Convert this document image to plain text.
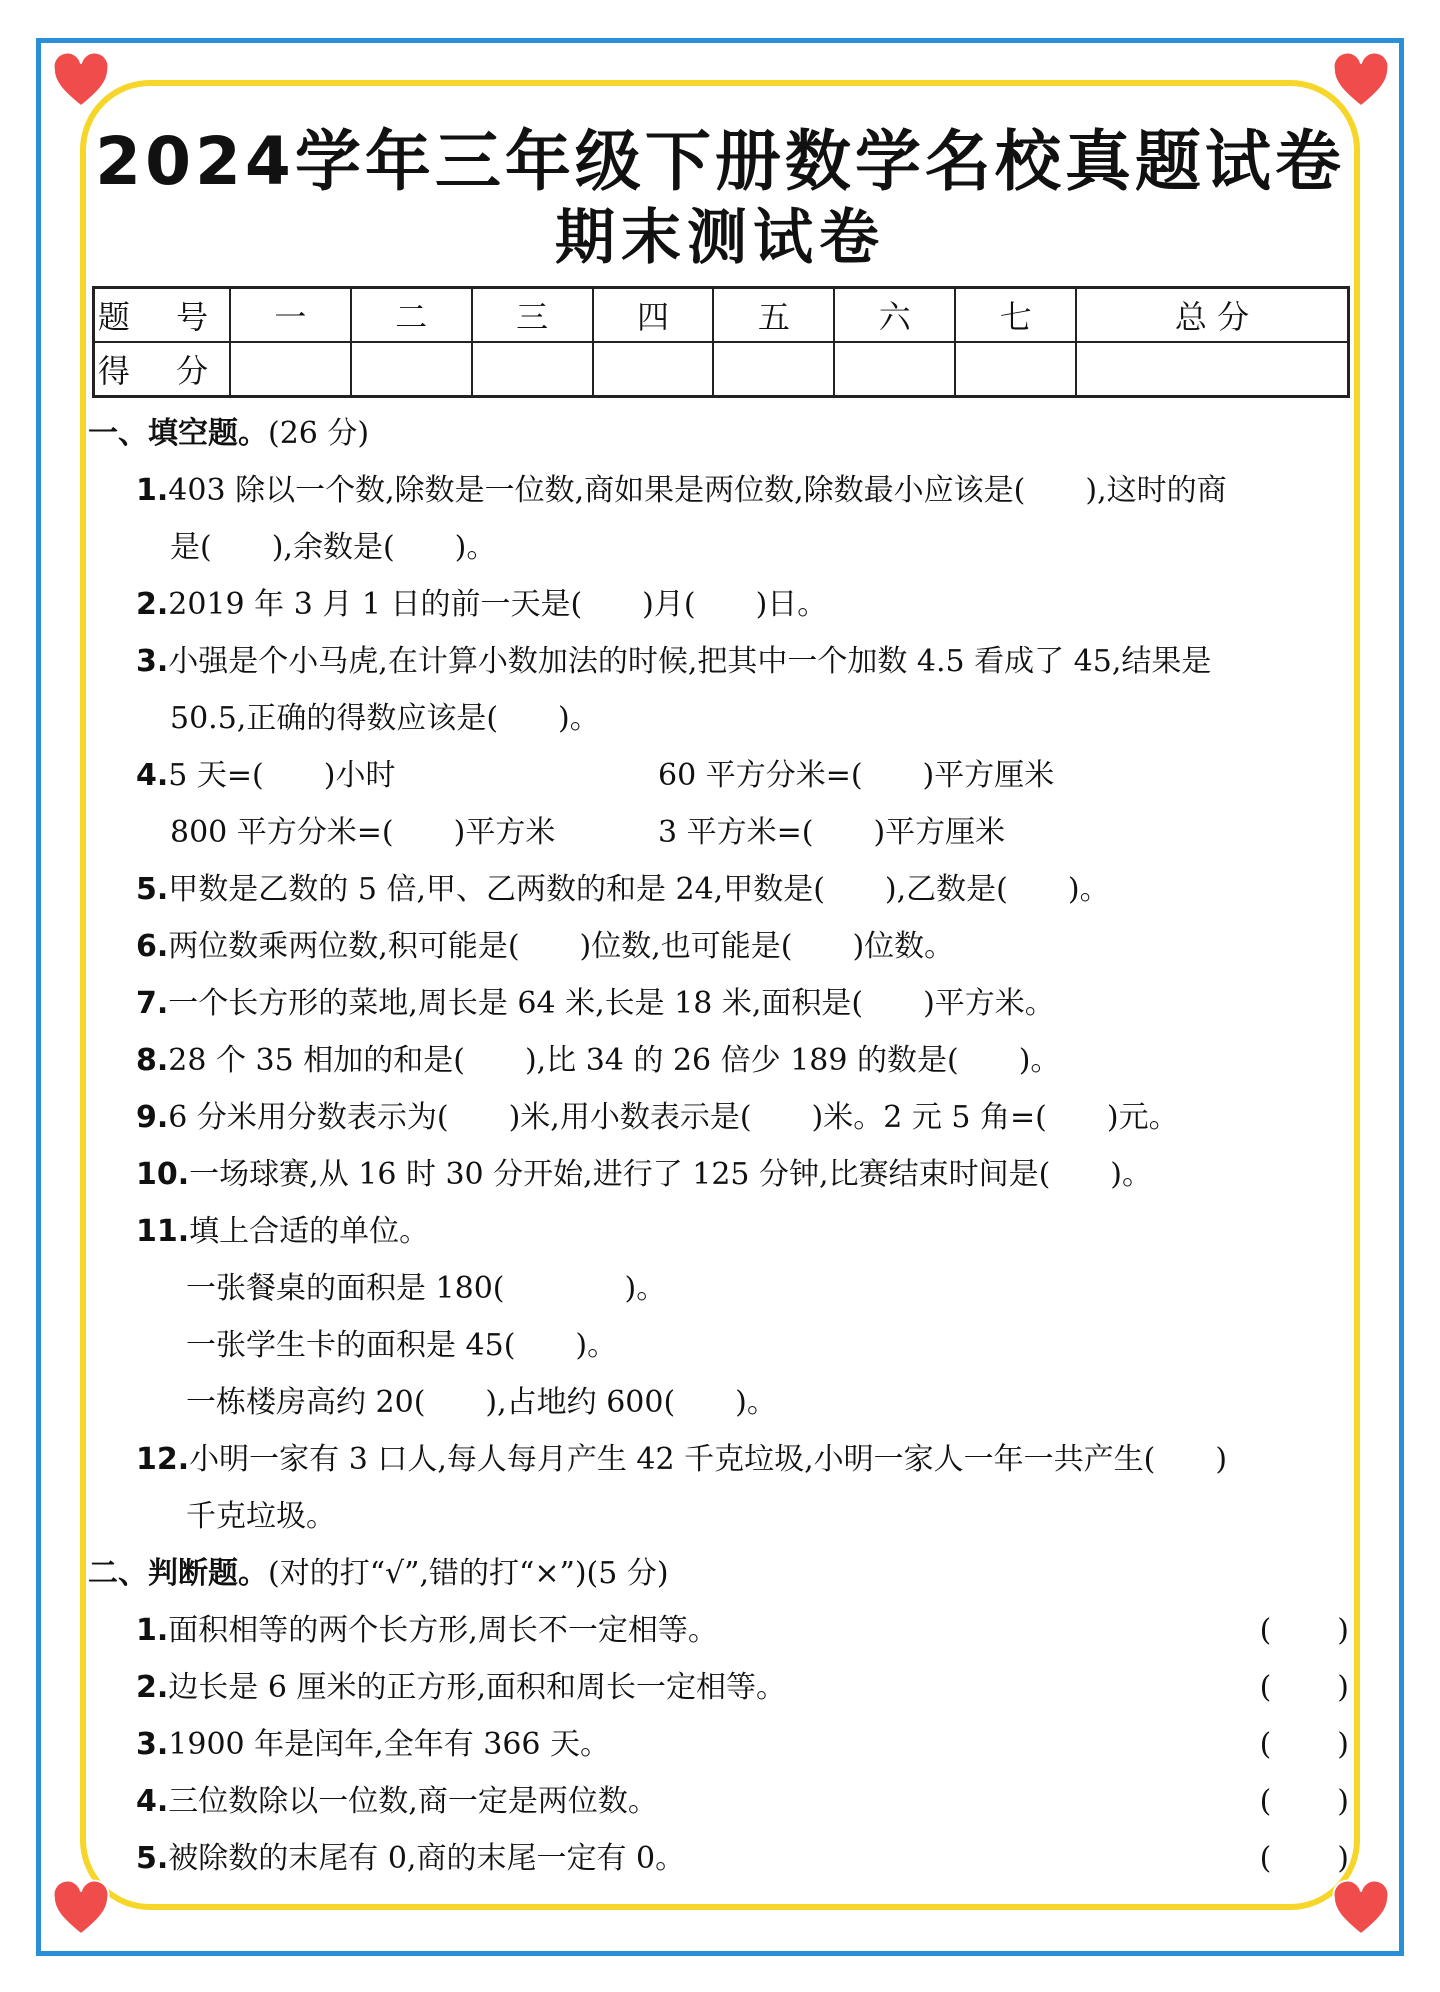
2024学年三年级下册数学名校真题试卷
期末测试卷
题 号	一	二	三	四	五	六	七	总 分
得 分								
一、填空题。(26 分)
1.403 除以一个数,除数是一位数,商如果是两位数,除数最小应该是(　　),这时的商
是(　　),余数是(　　)。
2.2019 年 3 月 1 日的前一天是(　　)月(　　)日。
3.小强是个小马虎,在计算小数加法的时候,把其中一个加数 4.5 看成了 45,结果是
50.5,正确的得数应该是(　　)。
4.5 天=(　　)小时	60 平方分米=(　　)平方厘米
800 平方分米=(　　)平方米	3 平方米=(　　)平方厘米
5.甲数是乙数的 5 倍,甲、乙两数的和是 24,甲数是(　　),乙数是(　　)。
6.两位数乘两位数,积可能是(　　)位数,也可能是(　　)位数。
7.一个长方形的菜地,周长是 64 米,长是 18 米,面积是(　　)平方米。
8.28 个 35 相加的和是(　　),比 34 的 26 倍少 189 的数是(　　)。
9.6 分米用分数表示为(　　)米,用小数表示是(　　)米。2 元 5 角=(　　)元。
10.一场球赛,从 16 时 30 分开始,进行了 125 分钟,比赛结束时间是(　　)。
11.填上合适的单位。
一张餐桌的面积是 180(　　　　)。
一张学生卡的面积是 45(　　)。
一栋楼房高约 20(　　),占地约 600(　　)。
12.小明一家有 3 口人,每人每月产生 42 千克垃圾,小明一家人一年一共产生(　　)
千克垃圾。
二、判断题。(对的打“√”,错的打“×”)(5 分)
1.面积相等的两个长方形,周长不一定相等。	(　　)
2.边长是 6 厘米的正方形,面积和周长一定相等。	(　　)
3.1900 年是闰年,全年有 366 天。	(　　)
4.三位数除以一位数,商一定是两位数。	(　　)
5.被除数的末尾有 0,商的末尾一定有 0。	(　　)
